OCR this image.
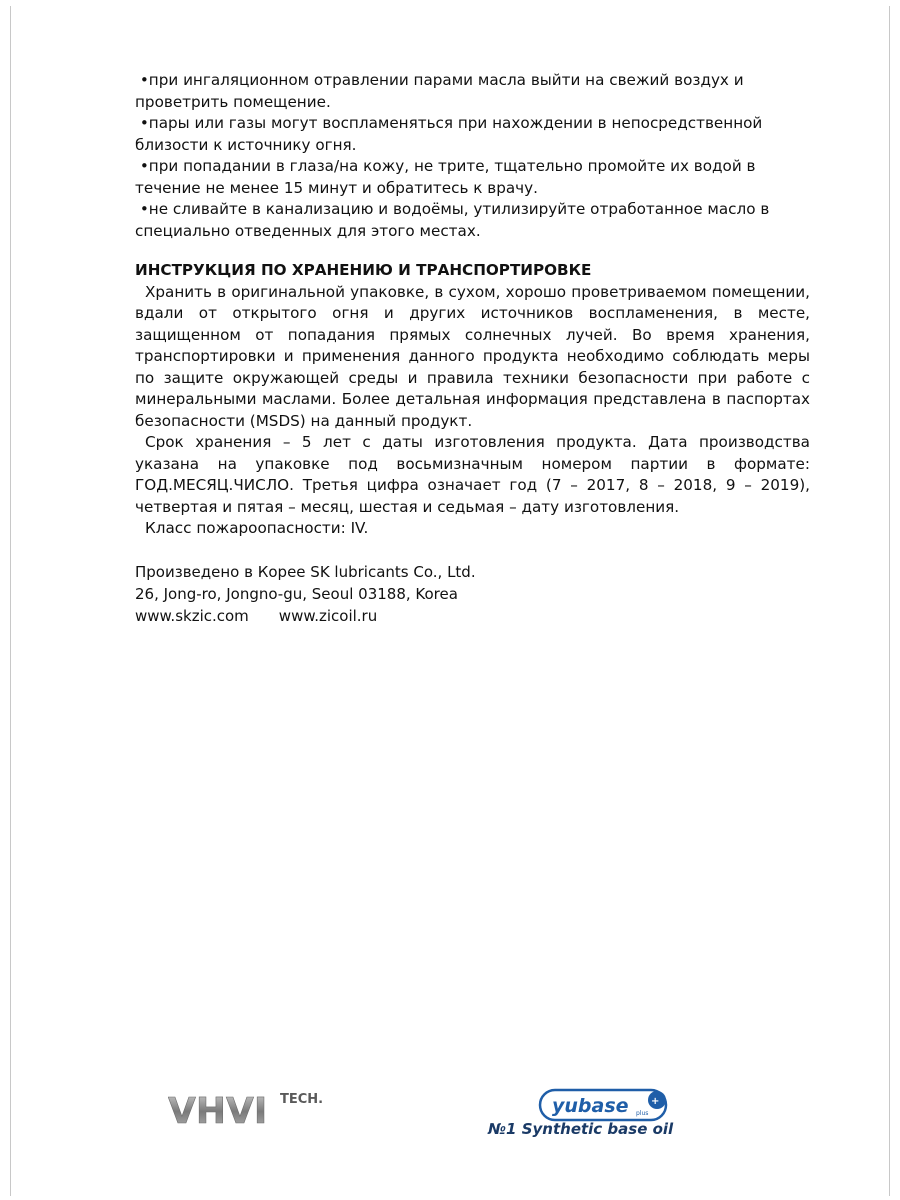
•при ингаляционном отравлении парами масла выйти на свежий воздух и
проветрить помещение.
•пары или газы могут воспламеняться при нахождении в непосредственной
близости к источнику огня.
•при попадании в глаза/на кожу, не трите, тщательно промойте их водой в
течение не менее 15 минут и обратитесь к врачу.
•не сливайте в канализацию и водоёмы, утилизируйте отработанное масло в
специально отведенных для этого местах.
ИНСТРУКЦИЯ ПО ХРАНЕНИЮ И ТРАНСПОРТИРОВКЕ

Хранить в оригинальной упаковке, в сухом, хорошо проветриваемом помещении, вдали от открытого огня и других источников воспламенения, в месте, защищенном от попадания прямых солнечных лучей. Во время хранения, транспортировки и применения данного продукта необходимо соблюдать меры по защите окружающей среды и правила техники безопасности при работе с минеральными маслами. Более детальная информация представлена в паспортах безопасности (MSDS) на данный продукт.

Срок хранения – 5 лет с даты изготовления продукта. Дата производства указана на упаковке под восьмизначным номером партии в формате: ГОД.МЕСЯЦ.ЧИСЛО. Третья цифра означает год (7 – 2017, 8 – 2018, 9 – 2019), четвертая и пятая – месяц, шестая и седьмая – дату изготовления.

Класс пожароопасности: IV.

Произведено в Корее SK lubricants Co., Ltd.

26, Jong-ro, Jongno-gu, Seoul 03188, Korea

www.skzic.com www.zicoil.ru

VHVI TECH.	yubase +
plus
№1 Synthetic base oil
